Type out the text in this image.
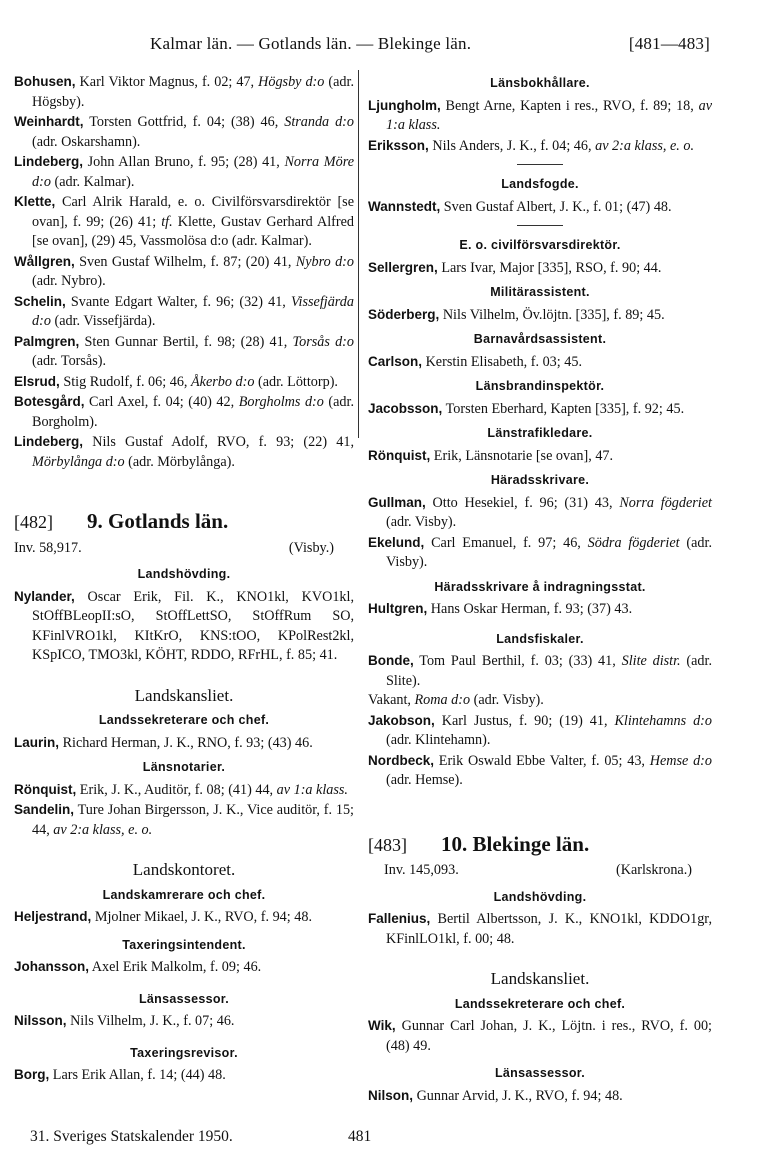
Kalmar län. — Gotlands län. — Blekinge län.	[481—483]
Bohusen, Karl Viktor Magnus, f. 02; 47, Högsby d:o (adr. Högsby).
Weinhardt, Torsten Gottfrid, f. 04; (38) 46, Stranda d:o (adr. Oskarshamn).
Lindeberg, John Allan Bruno, f. 95; (28) 41, Norra Möre d:o (adr. Kalmar).
Klette, Carl Alrik Harald, e. o. Civilförsvarsdirektör [se ovan], f. 99; (26) 41; tf. Klette, Gustav Gerhard Alfred [se ovan], (29) 45, Vassmolösa d:o (adr. Kalmar).
Wållgren, Sven Gustaf Wilhelm, f. 87; (20) 41, Nybro d:o (adr. Nybro).
Schelin, Svante Edgart Walter, f. 96; (32) 41, Vissefjärda d:o (adr. Vissefjärda).
Palmgren, Sten Gunnar Bertil, f. 98; (28) 41, Torsås d:o (adr. Torsås).
Elsrud, Stig Rudolf, f. 06; 46, Åkerbo d:o (adr. Löttorp).
Botesgård, Carl Axel, f. 04; (40) 42, Borgholms d:o (adr. Borgholm).
Lindeberg, Nils Gustaf Adolf, RVO, f. 93; (22) 41, Mörbylånga d:o (adr. Mörbylånga).
[482] 9. Gotlands län.
Inv. 58,917.	(Visby.)
Landshövding.
Nylander, Oscar Erik, Fil. K., KNO1kl, KVO1kl, StOffBLeopII:sO, StOffLettSO, StOffRum SO, KFinlVRO1kl, KItKrO, KNS:tOO, KPolRest2kl, KSpICO, TMO3kl, KÖHT, RDDO, RFrHL, f. 85; 41.
Landskansliet.
Landssekreterare och chef.
Laurin, Richard Herman, J. K., RNO, f. 93; (43) 46.
Länsnotarier.
Rönquist, Erik, J. K., Auditör, f. 08; (41) 44, av 1:a klass.
Sandelin, Ture Johan Birgersson, J. K., Vice auditör, f. 15; 44, av 2:a klass, e. o.
Landskontoret.
Landskamrerare och chef.
Heljestrand, Mjolner Mikael, J. K., RVO, f. 94; 48.
Taxeringsintendent.
Johansson, Axel Erik Malkolm, f. 09; 46.
Länsassessor.
Nilsson, Nils Vilhelm, J. K., f. 07; 46.
Taxeringsrevisor.
Borg, Lars Erik Allan, f. 14; (44) 48.
Länsbokhållare.
Ljungholm, Bengt Arne, Kapten i res., RVO, f. 89; 18, av 1:a klass.
Eriksson, Nils Anders, J. K., f. 04; 46, av 2:a klass, e. o.
Landsfogde.
Wannstedt, Sven Gustaf Albert, J. K., f. 01; (47) 48.
E. o. civilförsvarsdirektör.
Sellergren, Lars Ivar, Major [335], RSO, f. 90; 44.
Militärassistent.
Söderberg, Nils Vilhelm, Öv.löjtn. [335], f. 89; 45.
Barnavårdsassistent.
Carlson, Kerstin Elisabeth, f. 03; 45.
Länsbrandinspektör.
Jacobsson, Torsten Eberhard, Kapten [335], f. 92; 45.
Länstrafikledare.
Rönquist, Erik, Länsnotarie [se ovan], 47.
Häradsskrivare.
Gullman, Otto Hesekiel, f. 96; (31) 43, Norra fögderiet (adr. Visby).
Ekelund, Carl Emanuel, f. 97; 46, Södra fögderiet (adr. Visby).
Häradsskrivare å indragningsstat.
Hultgren, Hans Oskar Herman, f. 93; (37) 43.
Landsfiskaler.
Bonde, Tom Paul Berthil, f. 03; (33) 41, Slite distr. (adr. Slite).
Vakant, Roma d:o (adr. Visby).
Jakobson, Karl Justus, f. 90; (19) 41, Klintehamns d:o (adr. Klintehamn).
Nordbeck, Erik Oswald Ebbe Valter, f. 05; 43, Hemse d:o (adr. Hemse).
[483] 10. Blekinge län.
Inv. 145,093.	(Karlskrona.)
Landshövding.
Fallenius, Bertil Albertsson, J. K., KNO1kl, KDDO1gr, KFinlLO1kl, f. 00; 48.
Landskansliet.
Landssekreterare och chef.
Wik, Gunnar Carl Johan, J. K., Löjtn. i res., RVO, f. 00; (48) 49.
Länsassessor.
Nilson, Gunnar Arvid, J. K., RVO, f. 94; 48.
31. Sveriges Statskalender 1950.	481
